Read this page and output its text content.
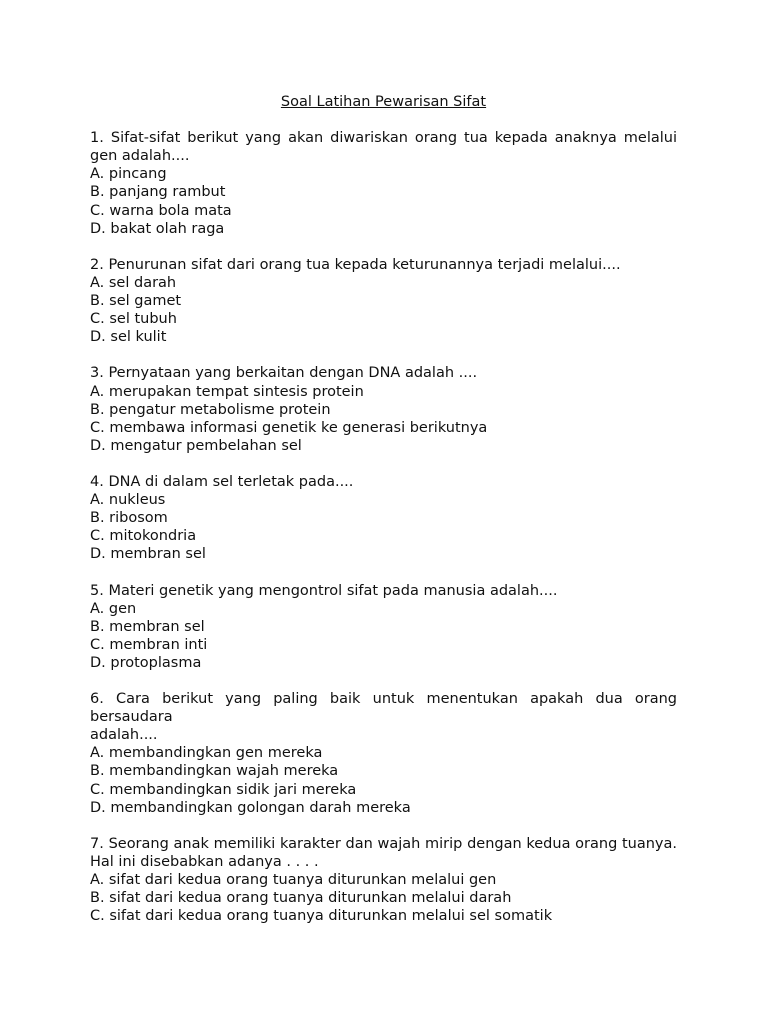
Soal Latihan Pewarisan Sifat

1. Sifat-sifat berikut yang akan diwariskan orang tua kepada anaknya melalui gen adalah....

A. pincang
B. panjang rambut
C. warna bola mata
D. bakat olah raga

2. Penurunan sifat dari orang tua kepada keturunannya terjadi melalui....

A. sel darah
B. sel gamet
C. sel tubuh
D. sel kulit

3. Pernyataan yang berkaitan dengan DNA adalah ....

A. merupakan tempat sintesis protein
B. pengatur metabolisme protein
C. membawa informasi genetik ke generasi berikutnya
D. mengatur pembelahan sel

4. DNA di dalam sel terletak pada....

A. nukleus
B. ribosom
C. mitokondria
D. membran sel

5. Materi genetik yang mengontrol sifat pada manusia adalah....

A. gen
B. membran sel
C. membran inti
D. protoplasma

6. Cara berikut yang paling baik untuk menentukan apakah dua orang bersaudara

adalah....

A. membandingkan gen mereka
B. membandingkan wajah mereka
C. membandingkan sidik jari mereka
D. membandingkan golongan darah mereka

7. Seorang anak memiliki karakter dan wajah mirip dengan kedua orang tuanya. Hal ini disebabkan adanya . . . .

A. sifat dari kedua orang tuanya diturunkan melalui gen
B. sifat dari kedua orang tuanya diturunkan melalui darah
C. sifat dari kedua orang tuanya diturunkan melalui sel somatik
